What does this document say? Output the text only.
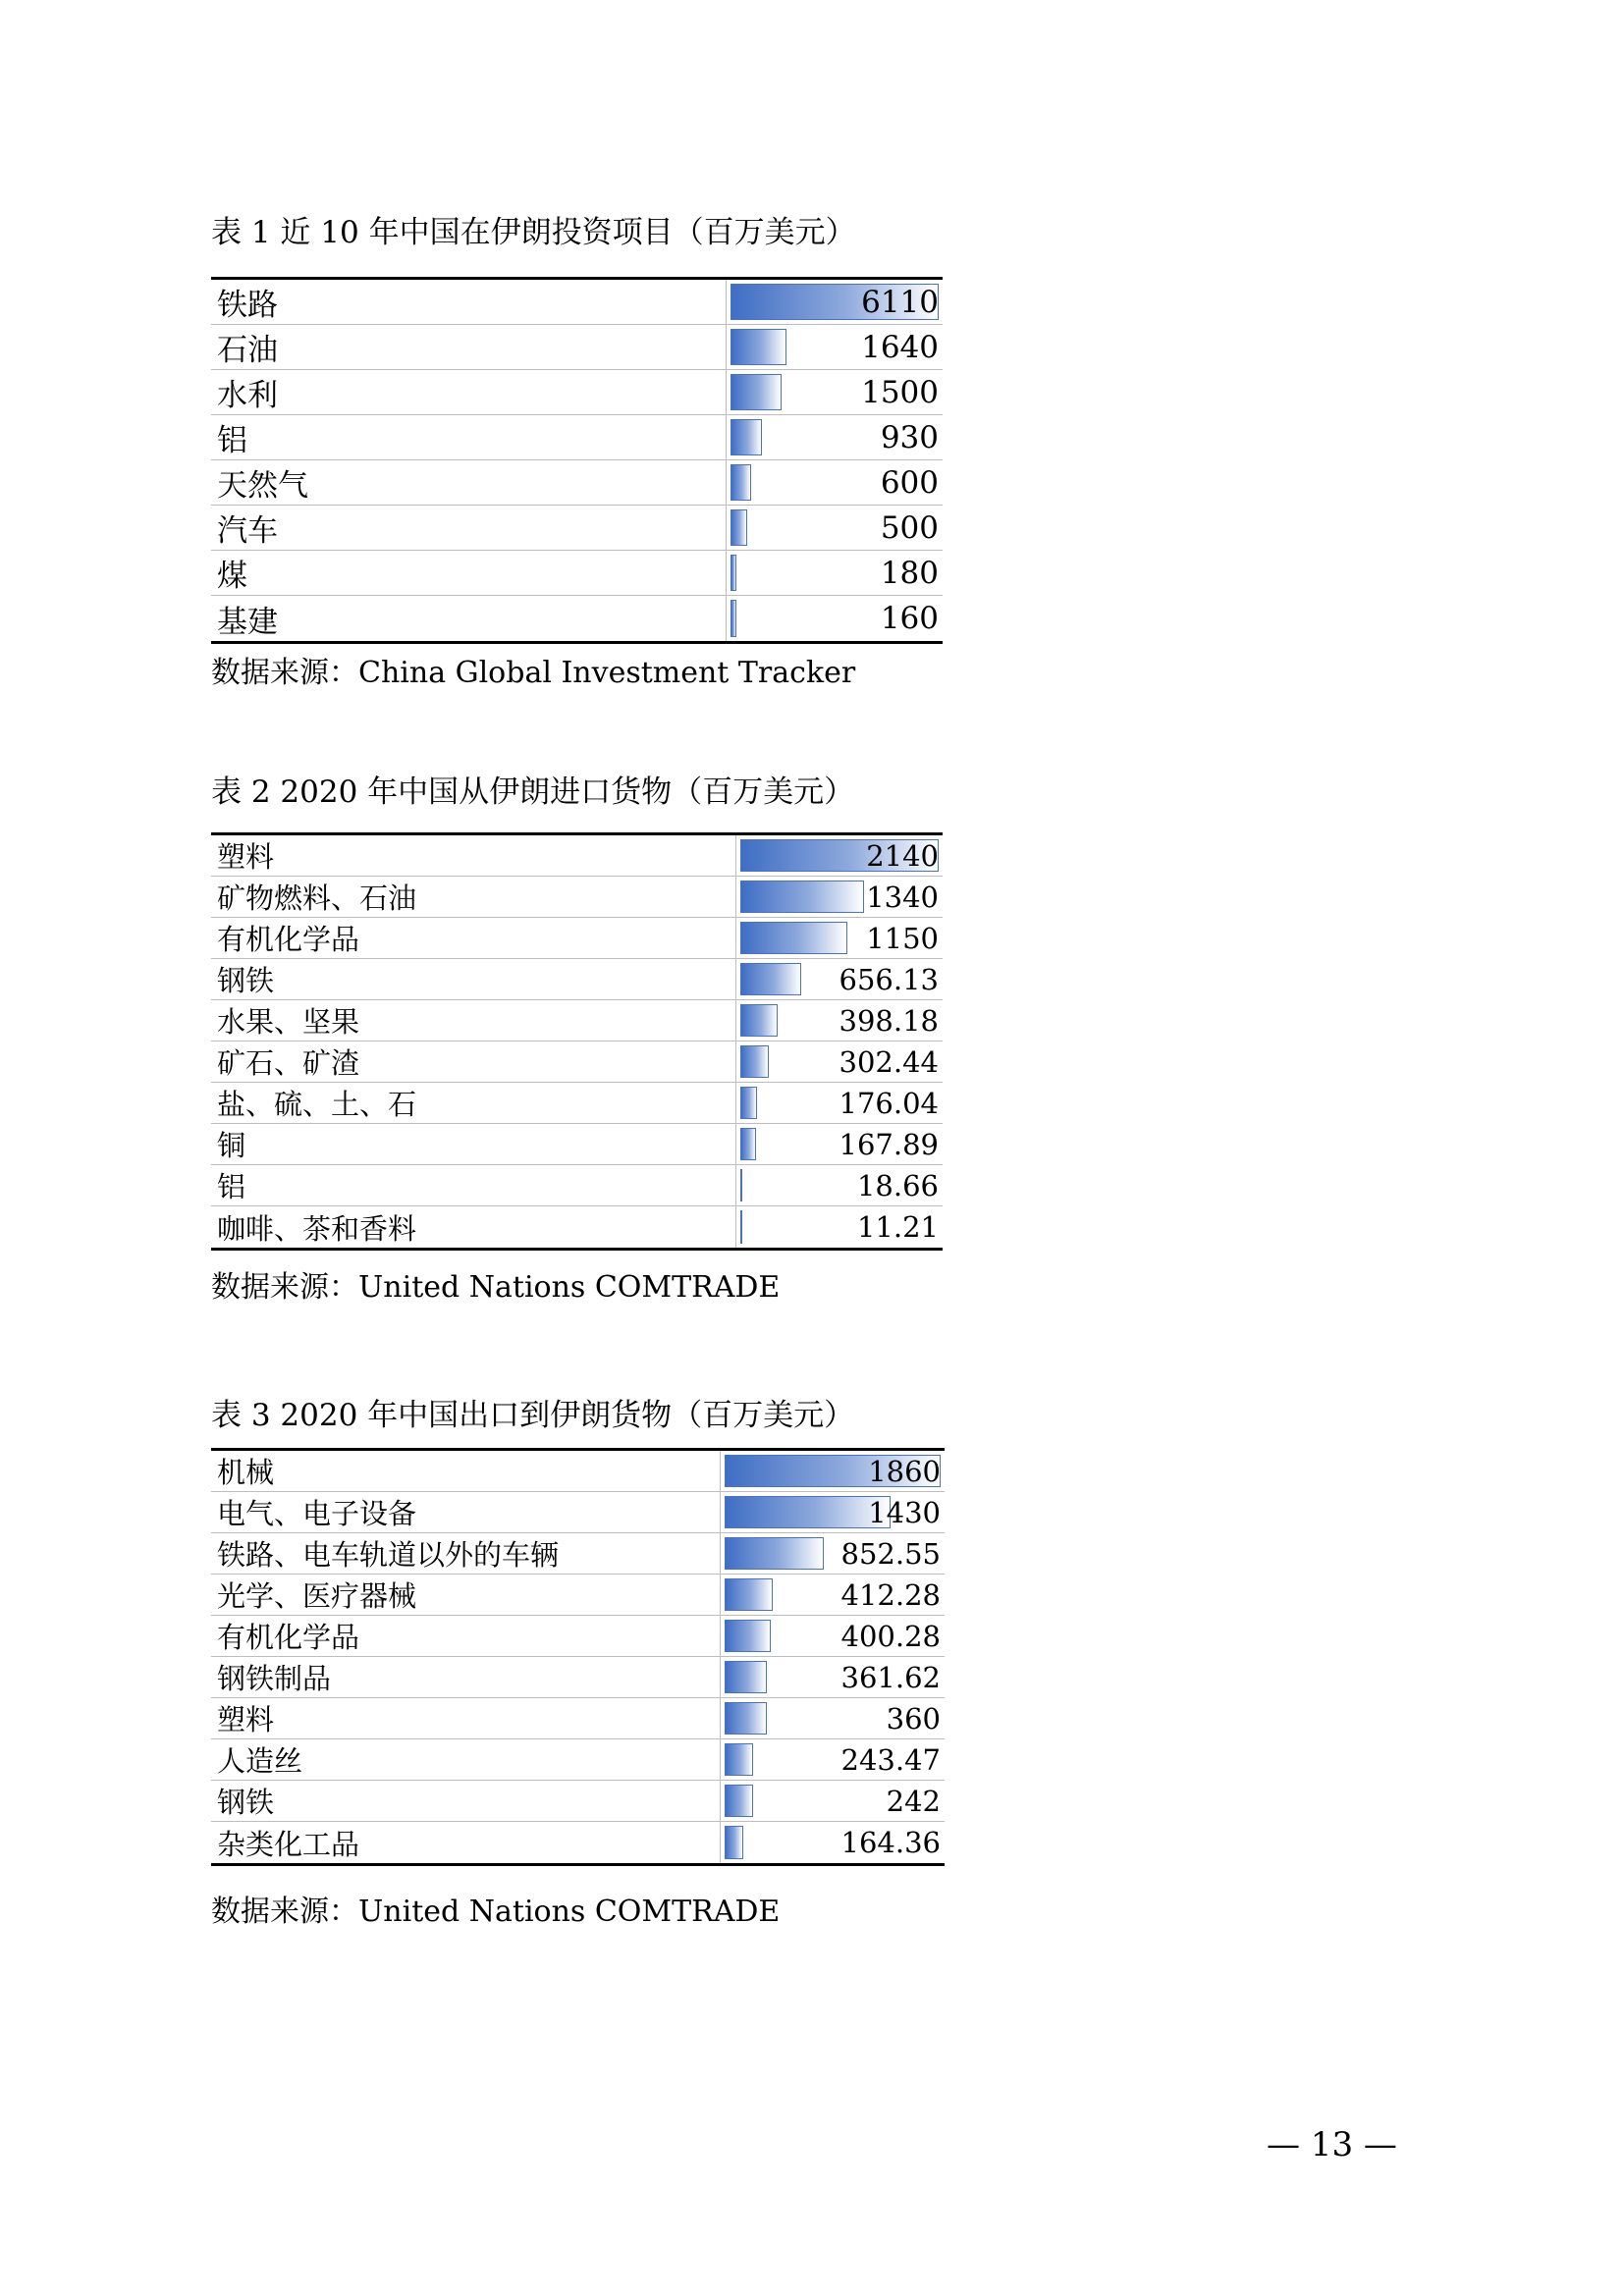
表 1 近 10 年中国在伊朗投资项目（百万美元）
铁路	6110
石油	1640
水利	1500
铝	930
天然气	600
汽车	500
煤	180
基建	160
数据来源：China Global Investment Tracker
表 2 2020 年中国从伊朗进口货物（百万美元）
塑料	2140
矿物燃料、石油	1340
有机化学品	1150
钢铁	656.13
水果、坚果	398.18
矿石、矿渣	302.44
盐、硫、土、石	176.04
铜	167.89
铝	18.66
咖啡、茶和香料	11.21
数据来源：United Nations COMTRADE
表 3 2020 年中国出口到伊朗货物（百万美元）
机械	1860
电气、电子设备	1430
铁路、电车轨道以外的车辆	852.55
光学、医疗器械	412.28
有机化学品	400.28
钢铁制品	361.62
塑料	360
人造丝	243.47
钢铁	242
杂类化工品	164.36
数据来源：United Nations COMTRADE
— 13 —
